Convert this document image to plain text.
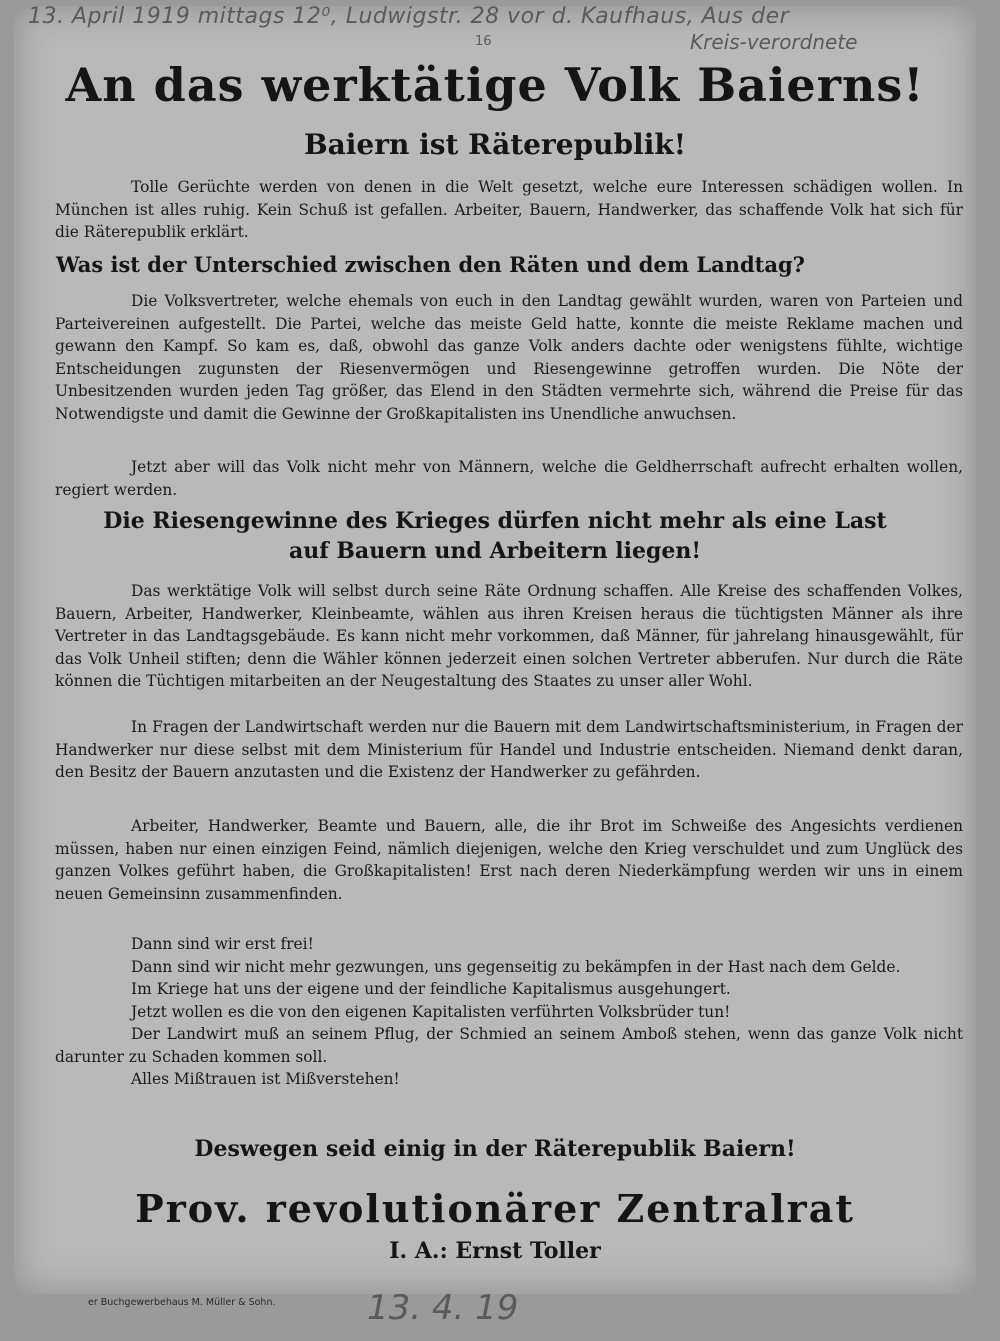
13. April 1919 mittags 12⁰, Ludwigstr. 28 vor d. Kaufhaus, Aus der
Kreis-verordnete
16
An das werktätige Volk Baierns!
Baiern ist Räterepublik!

Tolle Gerüchte werden von denen in die Welt gesetzt, welche eure Interessen schädigen wollen. In München ist alles ruhig. Kein Schuß ist gefallen. Arbeiter, Bauern, Handwerker, das schaffende Volk hat sich für die Räterepublik erklärt.

Was ist der Unterschied zwischen den Räten und dem Landtag?

Die Volksvertreter, welche ehemals von euch in den Landtag gewählt wurden, waren von Parteien und Parteivereinen aufgestellt. Die Partei, welche das meiste Geld hatte, konnte die meiste Reklame machen und gewann den Kampf. So kam es, daß, obwohl das ganze Volk anders dachte oder wenigstens fühlte, wichtige Entscheidungen zugunsten der Riesenvermögen und Riesengewinne getroffen wurden. Die Nöte der Unbesitzenden wurden jeden Tag größer, das Elend in den Städten vermehrte sich, während die Preise für das Notwendigste und damit die Gewinne der Großkapitalisten ins Unendliche anwuchsen.

Jetzt aber will das Volk nicht mehr von Männern, welche die Geldherrschaft aufrecht erhalten wollen, regiert werden.

Die Riesengewinne des Krieges dürfen nicht mehr als eine Last
auf Bauern und Arbeitern liegen!

Das werktätige Volk will selbst durch seine Räte Ordnung schaffen. Alle Kreise des schaffenden Volkes, Bauern, Arbeiter, Handwerker, Kleinbeamte, wählen aus ihren Kreisen heraus die tüchtigsten Männer als ihre Vertreter in das Landtagsgebäude. Es kann nicht mehr vorkommen, daß Männer, für jahrelang hinausgewählt, für das Volk Unheil stiften; denn die Wähler können jederzeit einen solchen Vertreter abberufen. Nur durch die Räte können die Tüchtigen mitarbeiten an der Neugestaltung des Staates zu unser aller Wohl.

In Fragen der Landwirtschaft werden nur die Bauern mit dem Landwirtschaftsministerium, in Fragen der Handwerker nur diese selbst mit dem Ministerium für Handel und Industrie entscheiden. Niemand denkt daran, den Besitz der Bauern anzutasten und die Existenz der Handwerker zu gefährden.

Arbeiter, Handwerker, Beamte und Bauern, alle, die ihr Brot im Schweiße des Angesichts verdienen müssen, haben nur einen einzigen Feind, nämlich diejenigen, welche den Krieg verschuldet und zum Unglück des ganzen Volkes geführt haben, die Großkapitalisten! Erst nach deren Niederkämpfung werden wir uns in einem neuen Gemeinsinn zusammenfinden.

Dann sind wir erst frei!
Dann sind wir nicht mehr gezwungen, uns gegenseitig zu bekämpfen in der Hast nach dem Gelde.
Im Kriege hat uns der eigene und der feindliche Kapitalismus ausgehungert.
Jetzt wollen es die von den eigenen Kapitalisten verführten Volksbrüder tun!
Der Landwirt muß an seinem Pflug, der Schmied an seinem Amboß stehen, wenn das ganze Volk nicht darunter zu Schaden kommen soll.
Alles Mißtrauen ist Mißverstehen!
Deswegen seid einig in der Räterepublik Baiern!
Prov. revolutionärer Zentralrat
I. A.: Ernst Toller
er Buchgewerbehaus M. Müller & Sohn.	13. 4. 19
